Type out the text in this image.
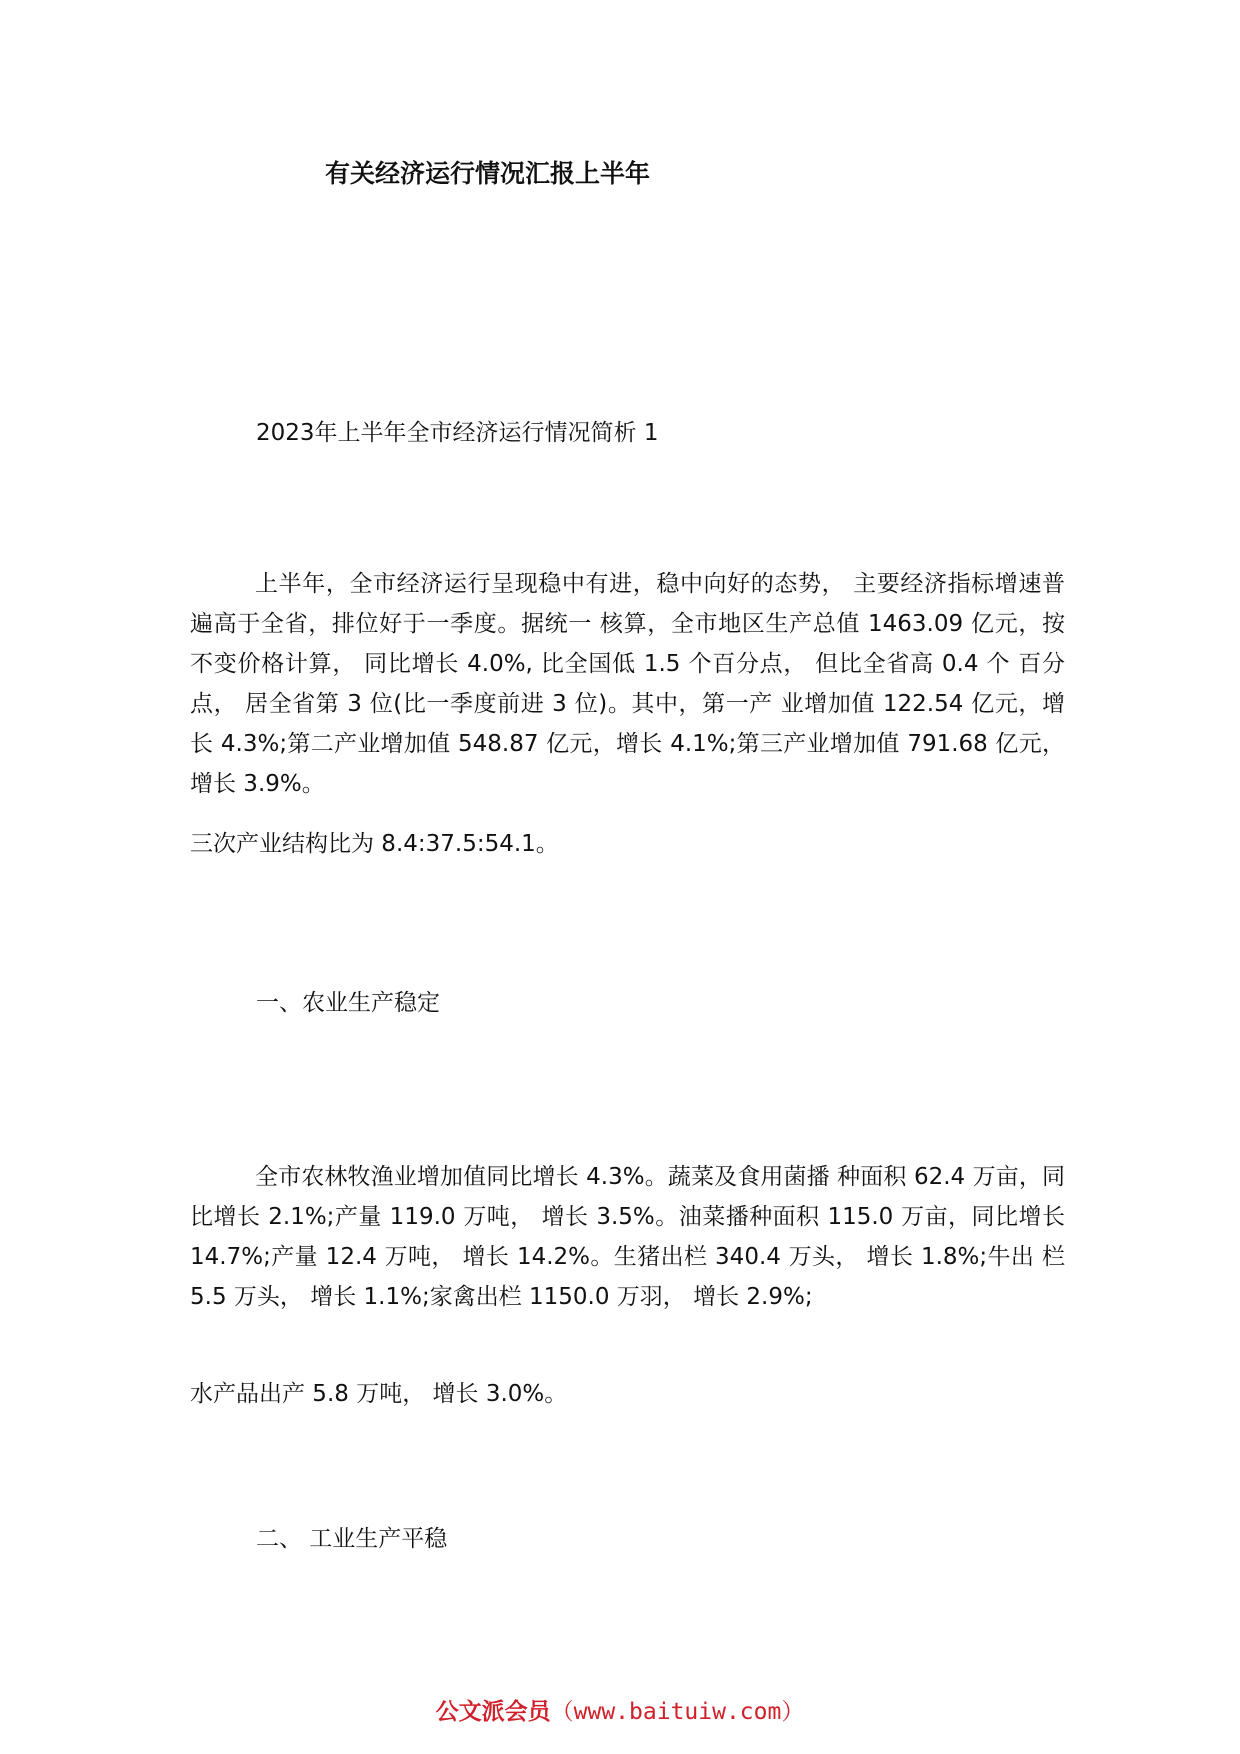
有关经济运行情况汇报上半年

2023年上半年全市经济运行情况简析 1

上半年，全市经济运行呈现稳中有进，稳中向好的态势， 主要经济指标增速普遍高于全省，排位好于一季度。据统一 核算，全市地区生产总值 1463.09 亿元，按不变价格计算， 同比增长 4.0%, 比全国低 1.5 个百分点， 但比全省高 0.4 个 百分点， 居全省第 3 位(比一季度前进 3 位)。其中，第一产 业增加值 122.54 亿元，增长 4.3%;第二产业增加值 548.87 亿元，增长 4.1%;第三产业增加值 791.68 亿元，增长 3.9%。

三次产业结构比为 8.4:37.5:54.1。

一、农业生产稳定

全市农林牧渔业增加值同比增长 4.3%。蔬菜及食用菌播 种面积 62.4 万亩，同比增长 2.1%;产量 119.0 万吨， 增长 3.5%。油菜播种面积 115.0 万亩，同比增长 14.7%;产量 12.4 万吨， 增长 14.2%。生猪出栏 340.4 万头， 增长 1.8%;牛出 栏 5.5 万头， 增长 1.1%;家禽出栏 1150.0 万羽， 增长 2.9%;

水产品出产 5.8 万吨， 增长 3.0%。

二、 工业生产平稳

公文派会员（www.baituiw.com）
